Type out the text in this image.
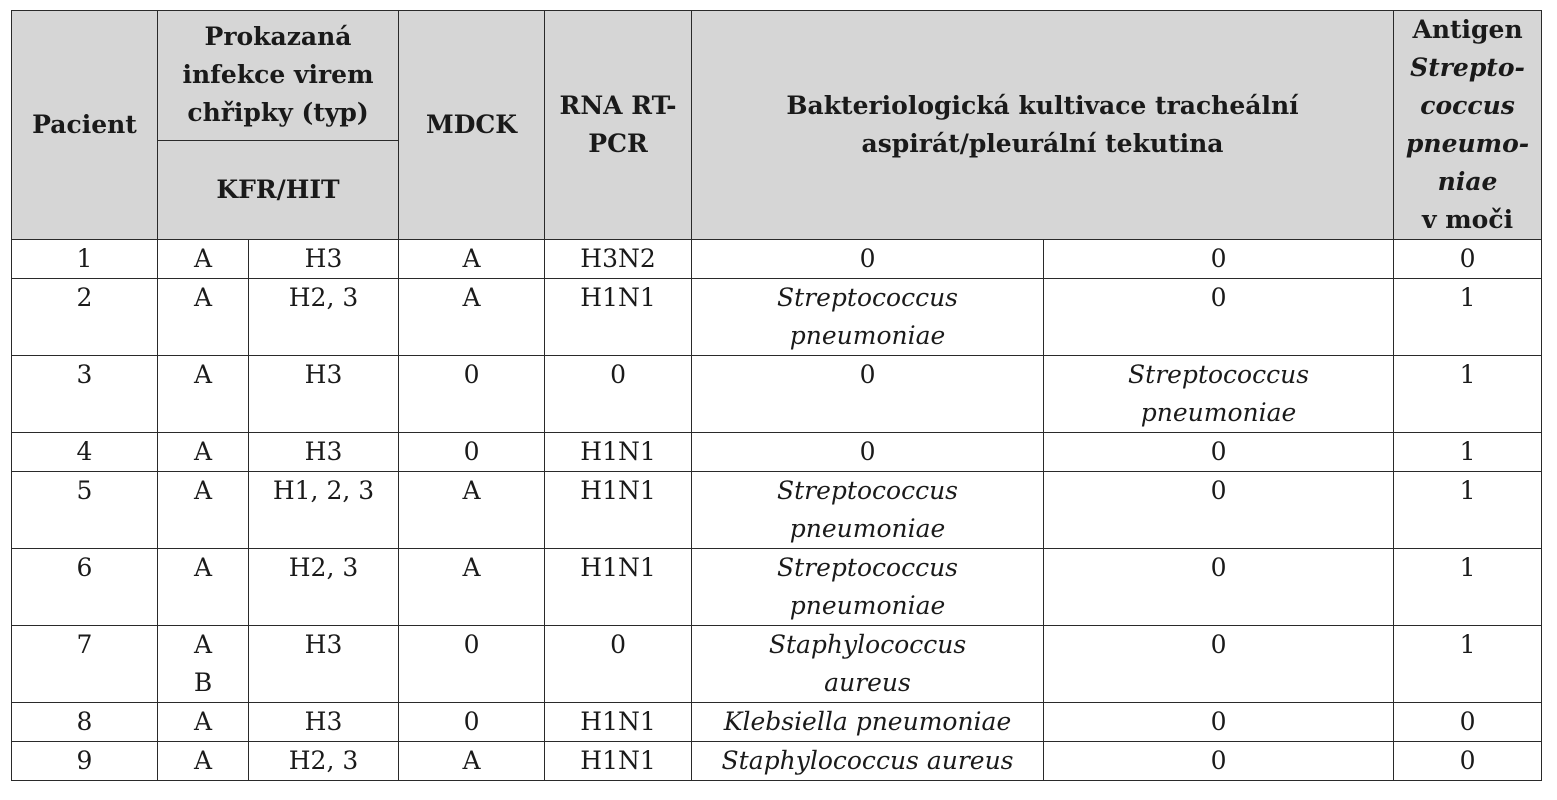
Pacient	Prokazaná infekce virem chřipky (typ)		MDCK	RNA RT-PCR	Bakteriologická kultivace tracheální aspirát/pleurální tekutina		Antigen
Strepto-coccus pneumo-niae
v moči
	KFR/HIT						
1	A	H3	A	H3N2	0	0	0
2	A	H2, 3	A	H1N1	Streptococcus
pneumoniae	0	1
3	A	H3	0	0	0	Streptococcus
pneumoniae	1
4	A	H3	0	H1N1	0	0	1
5	A	H1, 2, 3	A	H1N1	Streptococcus
pneumoniae	0	1
6	A	H2, 3	A	H1N1	Streptococcus
pneumoniae	0	1
7	A
B	H3	0	0	Staphylococcus
aureus	0	1
8	A	H3	0	H1N1	Klebsiella pneumoniae	0	0
9	A	H2, 3	A	H1N1	Staphylococcus aureus	0	0
